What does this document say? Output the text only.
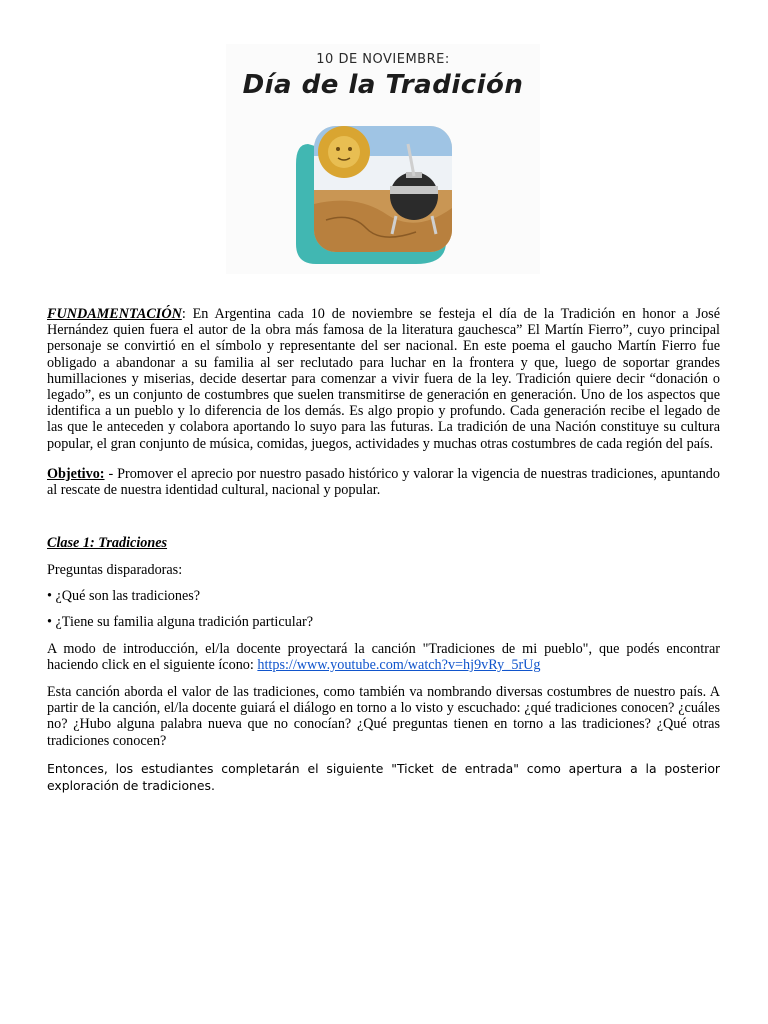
10 DE NOVIEMBRE:
Día de la Tradición

FUNDAMENTACIÓN: En Argentina cada 10 de noviembre se festeja el día de la Tradición en honor a José Hernández quien fuera el autor de la obra más famosa de la literatura gauchesca” El Martín Fierro”, cuyo principal personaje se convirtió en el símbolo y representante del ser nacional. En este poema el gaucho Martín Fierro fue obligado a abandonar a su familia al ser reclutado para luchar en la frontera y que, luego de soportar grandes humillaciones y miserias, decide desertar para comenzar a vivir fuera de la ley. Tradición quiere decir “donación o legado”, es un conjunto de costumbres que suelen transmitirse de generación en generación. Uno de los aspectos que identifica a un pueblo y lo diferencia de los demás. Es algo propio y profundo. Cada generación recibe el legado de las que le anteceden y colabora aportando lo suyo para las futuras. La tradición de una Nación constituye su cultura popular, el gran conjunto de música, comidas, juegos, actividades y muchas otras costumbres de cada región del país.

Objetivo: - Promover el aprecio por nuestro pasado histórico y valorar la vigencia de nuestras tradiciones, apuntando al rescate de nuestra identidad cultural, nacional y popular.

Clase 1: Tradiciones

Preguntas disparadoras:

• ¿Qué son las tradiciones?

• ¿Tiene su familia alguna tradición particular?

A modo de introducción, el/la docente proyectará la canción "Tradiciones de mi pueblo", que podés encontrar haciendo click en el siguiente ícono: https://www.youtube.com/watch?v=hj9vRy_5rUg

Esta canción aborda el valor de las tradiciones, como también va nombrando diversas costumbres de nuestro país. A partir de la canción, el/la docente guiará el diálogo en torno a lo visto y escuchado: ¿qué tradiciones conocen? ¿cuáles no? ¿Hubo alguna palabra nueva que no conocían? ¿Qué preguntas tienen en torno a las tradiciones? ¿Qué otras tradiciones conocen?

Entonces, los estudiantes completarán el siguiente "Ticket de entrada" como apertura a la posterior exploración de tradiciones.
